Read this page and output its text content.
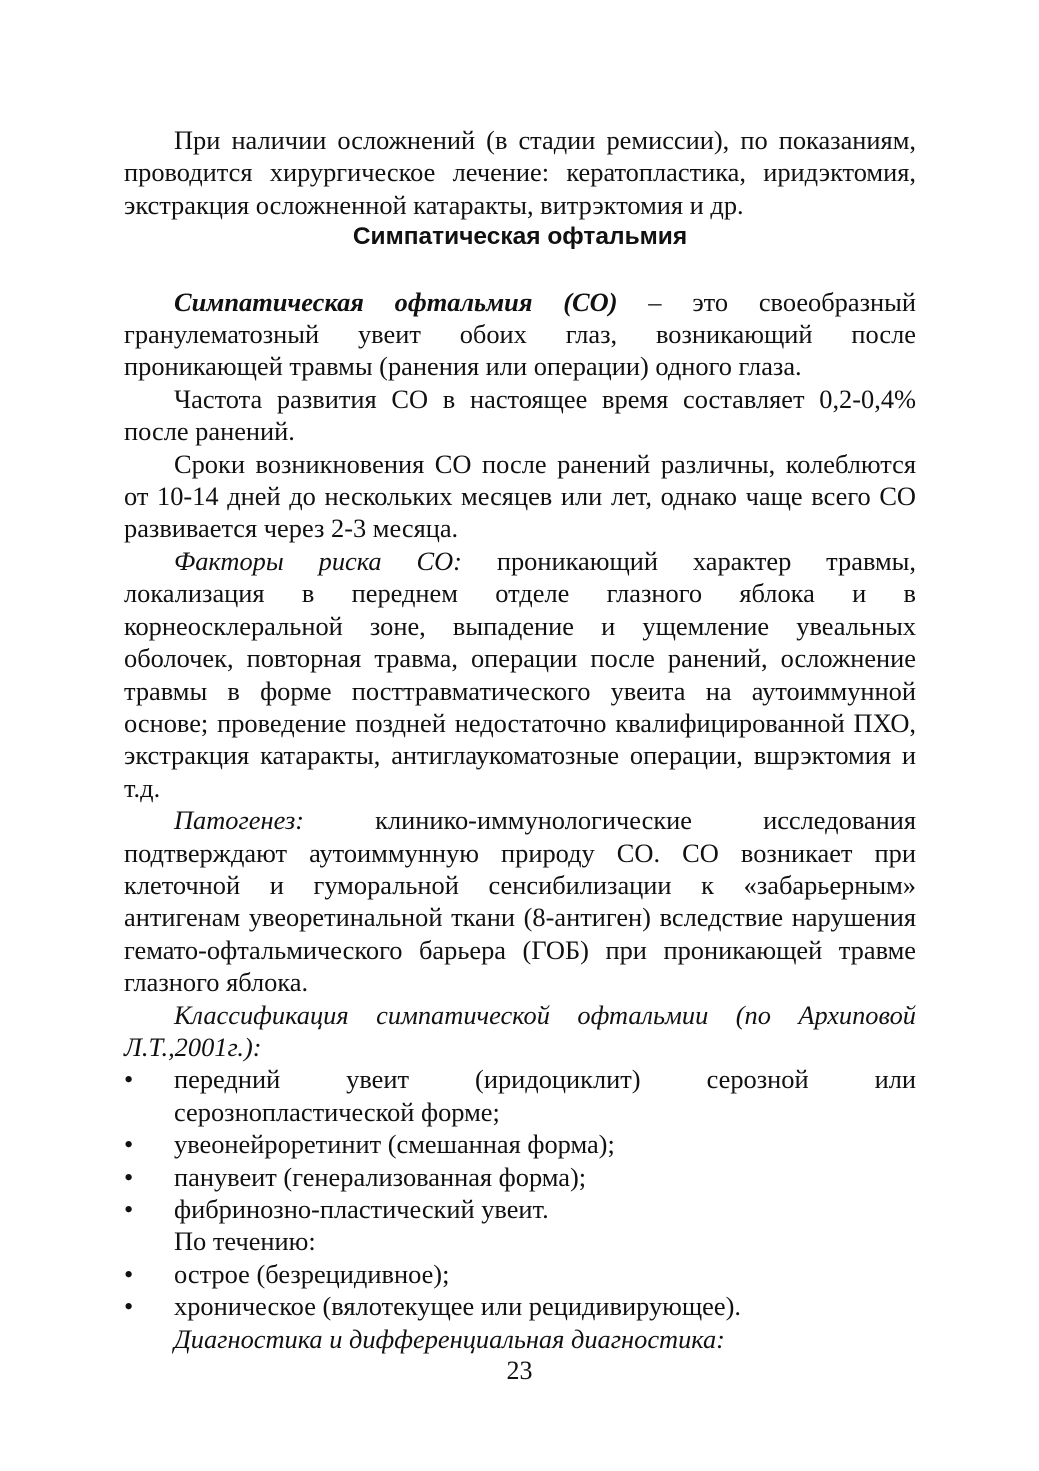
При наличии осложнений (в стадии ремиссии), по показаниям, проводится хирургическое лечение: кератопластика, иридэктомия, экстракция осложненной катаракты, витрэктомия и др.

Симпатическая офтальмия

Симпатическая офтальмия (СО) – это своеобразный гранулематозный увеит обоих глаз, возникающий после проникающей травмы (ранения или операции) одного глаза.

Частота развития СО в настоящее время составляет 0,2-0,4% после ранений.

Сроки возникновения СО после ранений различны, колеблются от 10-14 дней до нескольких месяцев или лет, однако чаще всего СО развивается через 2-3 месяца.

Факторы риска СО: проникающий характер травмы, локализация в переднем отделе глазного яблока и в корнеосклеральной зоне, выпадение и ущемление увеальных оболочек, повторная травма, операции после ранений, осложнение травмы в форме посттравматического увеита на аутоиммунной основе; проведение поздней недостаточно квалифицированной ПХО, экстракция катаракты, антиглаукоматозные операции, вшрэктомия и т.д.

Патогенез: клинико-иммунологические исследования подтверждают аутоиммунную природу СО. СО возникает при клеточной и гуморальной сенсибилизации к «забарьерным» антигенам увеоретинальной ткани (8-антиген) вследствие нарушения гемато-офтальмического барьера (ГОБ) при проникающей травме глазного яблока.

Классификация симпатической офтальмии (по Архиповой Л.Т.,2001г.):

• передний увеит (иридоциклит) серозной или серознопластической форме;
• увеонейроретинит (смешанная форма);
• панувеит (генерализованная форма);
• фибринозно-пластический увеит.

По течению:

• острое (безрецидивное);
• хроническое (вялотекущее или рецидивирующее).

Диагностика и дифференциальная диагностика:

23
